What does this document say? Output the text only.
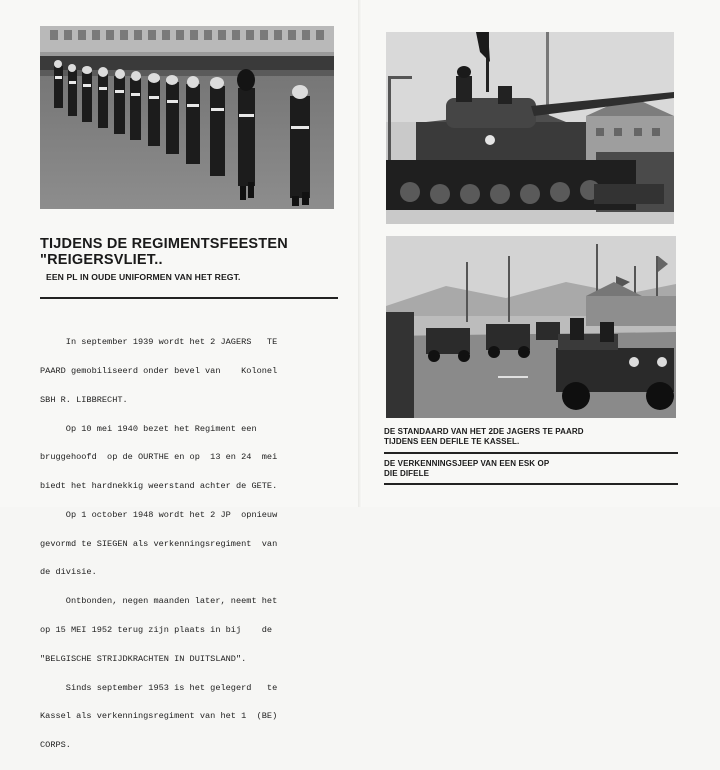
TIJDENS DE REGIMENTSFEESTEN
"REIGERSVLIET..
EEN PL IN OUDE UNIFORMEN VAN HET REGT.

In september 1939 wordt het 2 JAGERS   TE

PAARD gemobiliseerd onder bevel van    Kolonel

SBH R. LIBBRECHT.

Op 10 mei 1940 bezet het Regiment een

bruggehoofd  op de OURTHE en op  13 en 24  mei

biedt het hardnekkig weerstand achter de GETE.

Op 1 october 1948 wordt het 2 JP  opnieuw

gevormd te SIEGEN als verkenningsregiment  van

de divisie.

Ontbonden, negen maanden later, neemt het

op 15 MEI 1952 terug zijn plaats in bij    de

"BELGISCHE STRIJDKRACHTEN IN DUITSLAND".

Sinds september 1953 is het gelegerd   te

Kassel als verkenningsregiment van het 1  (BE)

CORPS.

DE STANDAARD VAN HET 2DE JAGERS TE PAARD
TIJDENS EEN DEFILE TE KASSEL.
DE VERKENNINGSJEEP VAN EEN ESK OP
DIE DIFELE
